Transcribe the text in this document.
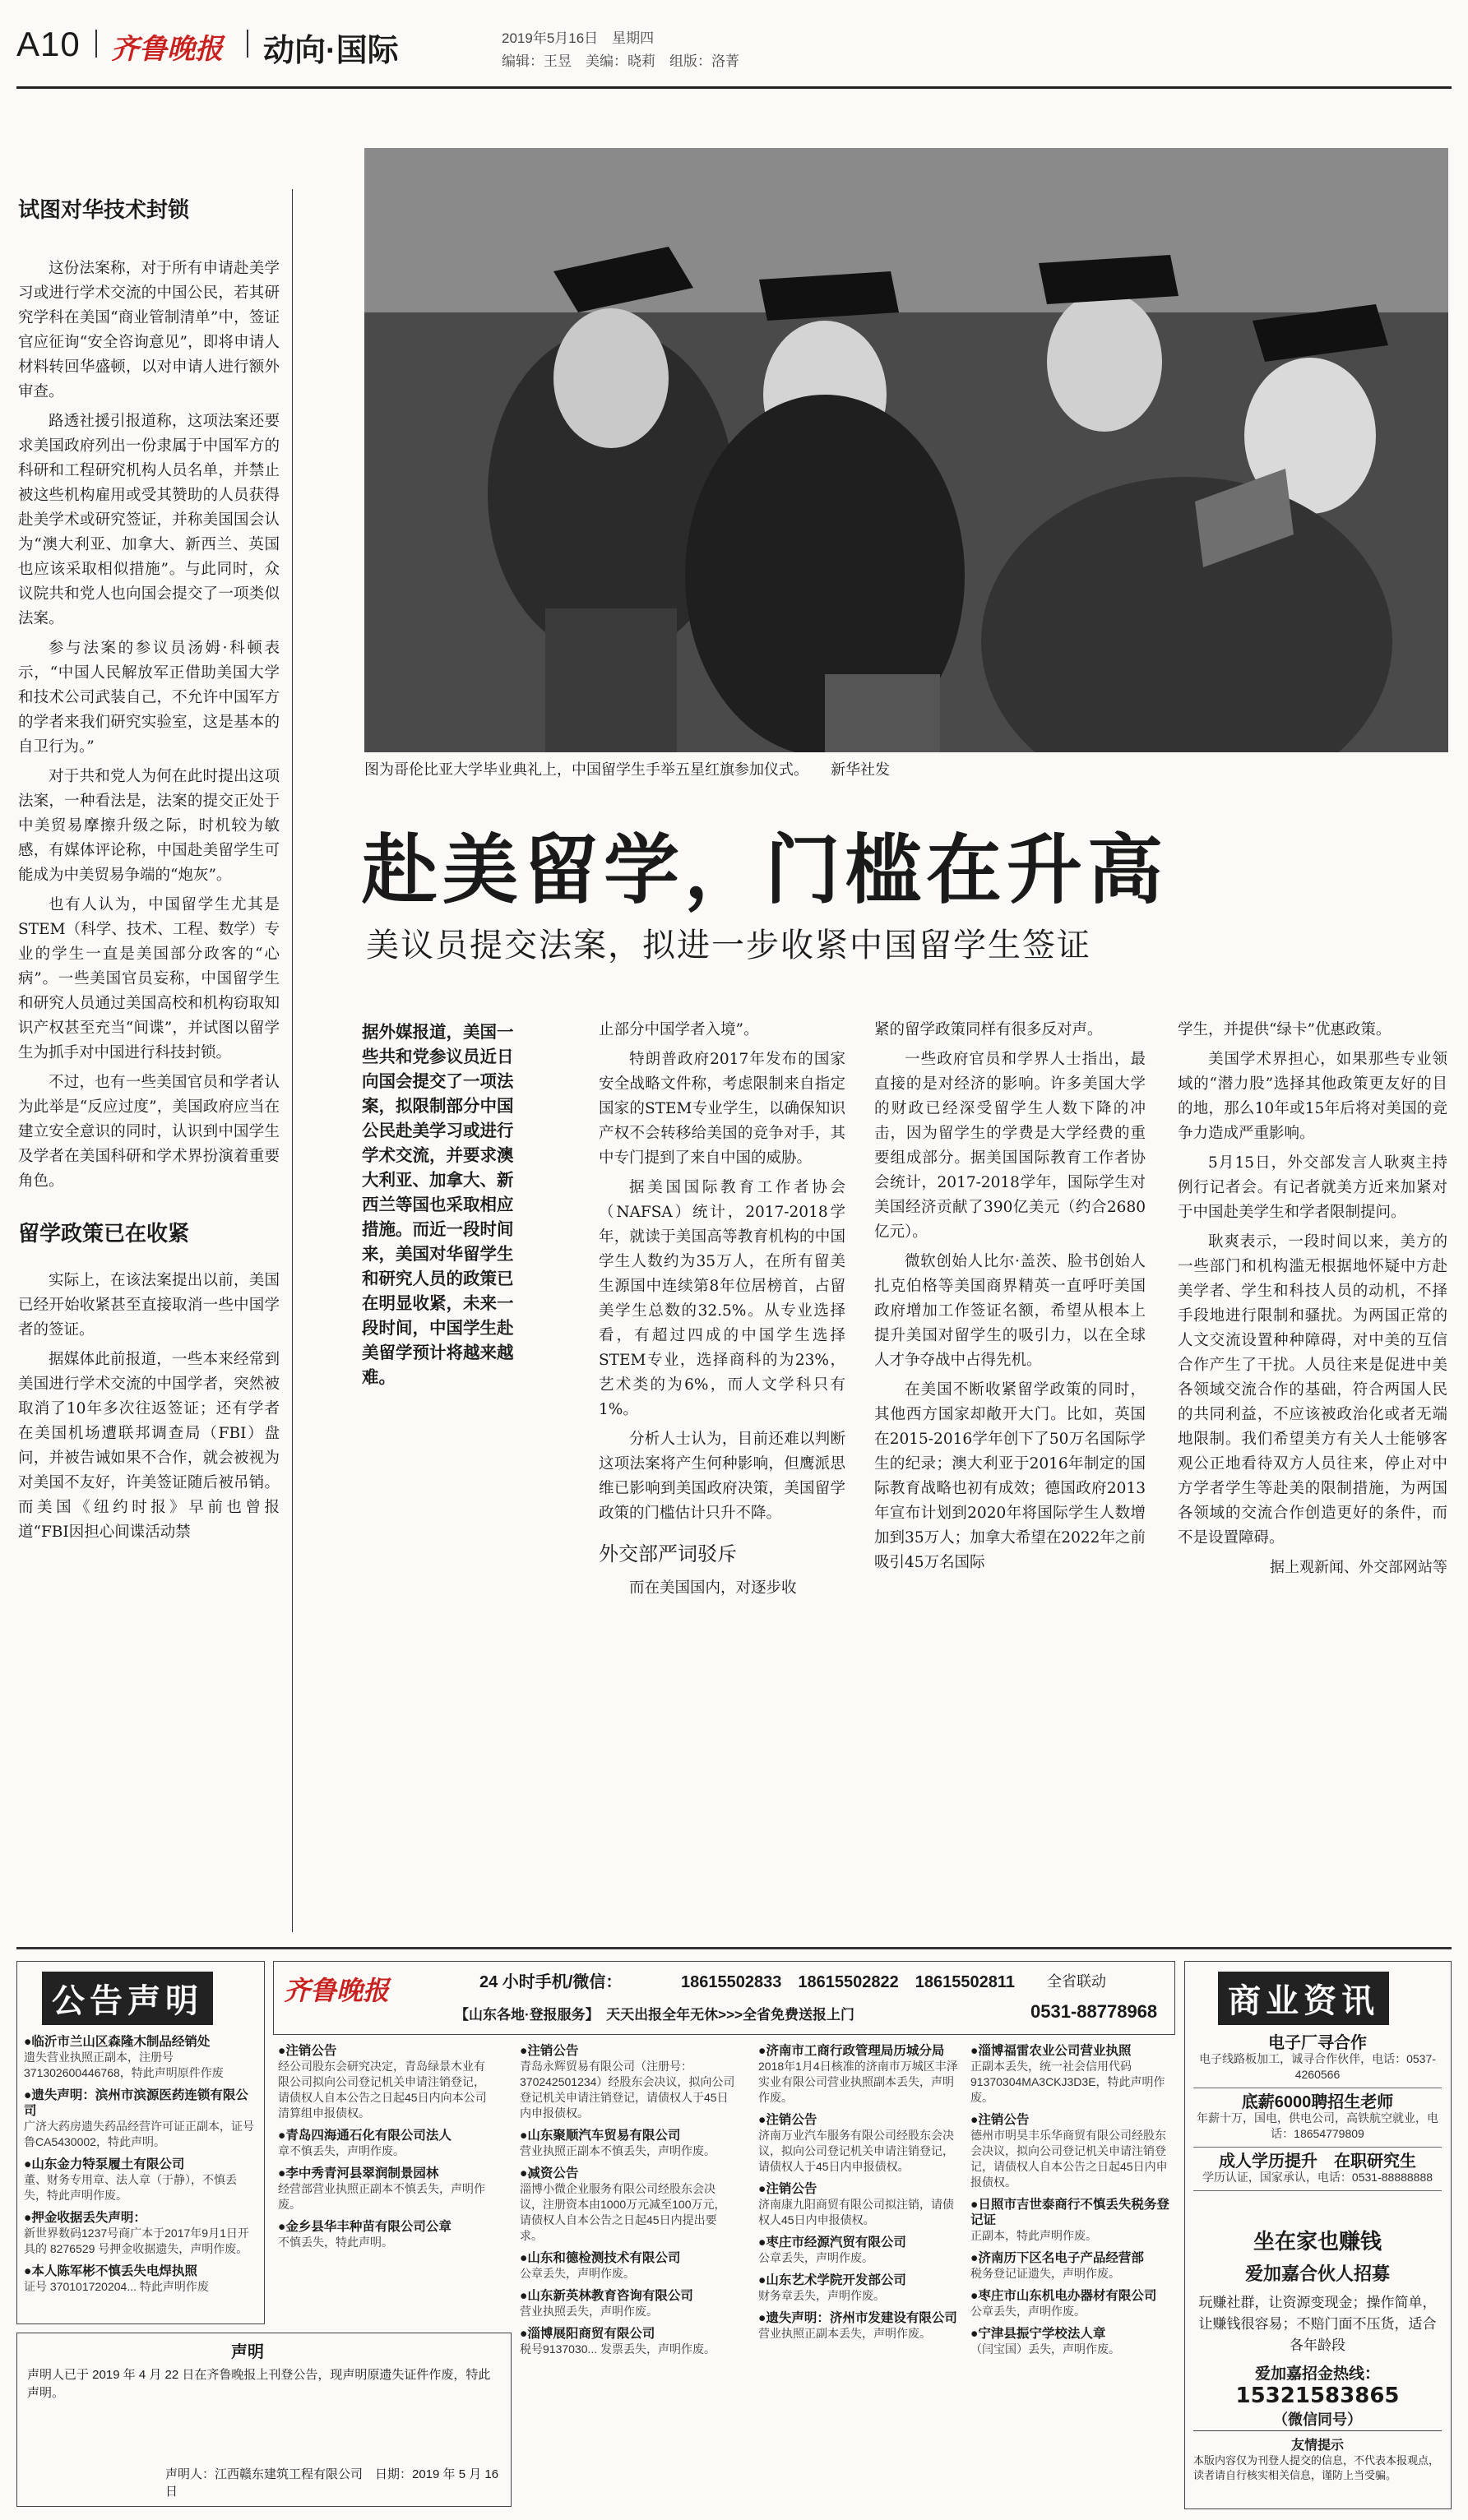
A10 齐鲁晚报 动向·国际	2019年5月16日　星期四
编辑：王昱　美编：晓莉　组版：洛菁
试图对华技术封锁

这份法案称，对于所有申请赴美学习或进行学术交流的中国公民，若其研究学科在美国“商业管制清单”中，签证官应征询“安全咨询意见”，即将申请人材料转回华盛顿，以对申请人进行额外审查。

路透社援引报道称，这项法案还要求美国政府列出一份隶属于中国军方的科研和工程研究机构人员名单，并禁止被这些机构雇用或受其赞助的人员获得赴美学术或研究签证，并称美国国会认为“澳大利亚、加拿大、新西兰、英国也应该采取相似措施”。与此同时，众议院共和党人也向国会提交了一项类似法案。

参与法案的参议员汤姆·科顿表示，“中国人民解放军正借助美国大学和技术公司武装自己，不允许中国军方的学者来我们研究实验室，这是基本的自卫行为。”

对于共和党人为何在此时提出这项法案，一种看法是，法案的提交正处于中美贸易摩擦升级之际，时机较为敏感，有媒体评论称，中国赴美留学生可能成为中美贸易争端的“炮灰”。

也有人认为，中国留学生尤其是STEM（科学、技术、工程、数学）专业的学生一直是美国部分政客的“心病”。一些美国官员妄称，中国留学生和研究人员通过美国高校和机构窃取知识产权甚至充当“间谍”，并试图以留学生为抓手对中国进行科技封锁。

不过，也有一些美国官员和学者认为此举是“反应过度”，美国政府应当在建立安全意识的同时，认识到中国学生及学者在美国科研和学术界扮演着重要角色。

留学政策已在收紧

实际上，在该法案提出以前，美国已经开始收紧甚至直接取消一些中国学者的签证。

据媒体此前报道，一些本来经常到美国进行学术交流的中国学者，突然被取消了10年多次往返签证；还有学者在美国机场遭联邦调查局（FBI）盘问，并被告诫如果不合作，就会被视为对美国不友好，许美签证随后被吊销。而美国《纽约时报》早前也曾报道“FBI因担心间谍活动禁

图为哥伦比亚大学毕业典礼上，中国留学生手举五星红旗参加仪式。　　新华社发
赴美留学，门槛在升高
美议员提交法案，拟进一步收紧中国留学生签证

据外媒报道，美国一些共和党参议员近日向国会提交了一项法案，拟限制部分中国公民赴美学习或进行学术交流，并要求澳大利亚、加拿大、新西兰等国也采取相应措施。而近一段时间来，美国对华留学生和研究人员的政策已在明显收紧，未来一段时间，中国学生赴美留学预计将越来越难。

止部分中国学者入境”。

特朗普政府2017年发布的国家安全战略文件称，考虑限制来自指定国家的STEM专业学生，以确保知识产权不会转移给美国的竞争对手，其中专门提到了来自中国的威胁。

据美国国际教育工作者协会（NAFSA）统计，2017-2018学年，就读于美国高等教育机构的中国学生人数约为35万人，在所有留美生源国中连续第8年位居榜首，占留美学生总数的32.5%。从专业选择看，有超过四成的中国学生选择STEM专业，选择商科的为23%，艺术类的为6%，而人文学科只有1%。

分析人士认为，目前还难以判断这项法案将产生何种影响，但鹰派思维已影响到美国政府决策，美国留学政策的门槛估计只升不降。

外交部严词驳斥

而在美国国内，对逐步收

紧的留学政策同样有很多反对声。

一些政府官员和学界人士指出，最直接的是对经济的影响。许多美国大学的财政已经深受留学生人数下降的冲击，因为留学生的学费是大学经费的重要组成部分。据美国国际教育工作者协会统计，2017-2018学年，国际学生对美国经济贡献了390亿美元（约合2680亿元）。

微软创始人比尔·盖茨、脸书创始人扎克伯格等美国商界精英一直呼吁美国政府增加工作签证名额，希望从根本上提升美国对留学生的吸引力，以在全球人才争夺战中占得先机。

在美国不断收紧留学政策的同时，其他西方国家却敞开大门。比如，英国在2015-2016学年创下了50万名国际学生的纪录；澳大利亚于2016年制定的国际教育战略也初有成效；德国政府2013年宣布计划到2020年将国际学生人数增加到35万人；加拿大希望在2022年之前吸引45万名国际

学生，并提供“绿卡”优惠政策。

美国学术界担心，如果那些专业领域的“潜力股”选择其他政策更友好的目的地，那么10年或15年后将对美国的竞争力造成严重影响。

5月15日，外交部发言人耿爽主持例行记者会。有记者就美方近来加紧对于中国赴美学生和学者限制提问。

耿爽表示，一段时间以来，美方的一些部门和机构滥无根据地怀疑中方赴美学者、学生和科技人员的动机，不择手段地进行限制和骚扰。为两国正常的人文交流设置种种障碍，对中美的互信合作产生了干扰。人员往来是促进中美各领域交流合作的基础，符合两国人民的共同利益，不应该被政治化或者无端地限制。我们希望美方有关人士能够客观公正地看待双方人员往来，停止对中方学者学生等赴美的限制措施，为两国各领域的交流合作创造更好的条件，而不是设置障碍。

据上观新闻、外交部网站等
公告声明
●临沂市兰山区森隆木制品经销处
遗失营业执照正副本，注册号 371302600446768，特此声明原件作废
●遗失声明：滨州市滨源医药连锁有限公司
广济大药房遗失药品经营许可证正副本，证号鲁CA5430002，特此声明。
●山东金力特泵履土有限公司
董、财务专用章、法人章（于静），不慎丢失，特此声明作废。
●押金收据丢失声明：
新世界数码1237号商广本于2017年9月1日开具的 8276529 号押金收据遗失，声明作废。
●本人陈军彬不慎丢失电焊执照
证号 370101720204... 特此声明作废
声明
声明人已于 2019 年 4 月 22 日在齐鲁晚报上刊登公告，现声明原遗失证件作废，特此声明。
声明人：江西赣东建筑工程有限公司　日期：2019 年 5 月 16 日
齐鲁晚报	24 小时手机/微信：	18615502833　18615502822　18615502811
【山东各地·登报服务】　天天出报全年无休>>>全省免费送报上门
全省联动
0531-88778968
●注销公告
经公司股东会研究决定，青岛绿景木业有限公司拟向公司登记机关申请注销登记，请债权人自本公告之日起45日内向本公司清算组申报债权。
●青岛四海通石化有限公司法人
章不慎丢失，声明作废。
●李中秀青河县翠润制景园林
经营部营业执照正副本不慎丢失，声明作废。
●金乡县华丰种苗有限公司公章
不慎丢失，特此声明。
●注销公告
青岛永辉贸易有限公司（注册号：370242501234）经股东会决议，拟向公司登记机关申请注销登记，请债权人于45日内申报债权。
●山东聚顺汽车贸易有限公司
营业执照正副本不慎丢失，声明作废。
●减资公告
淄博小微企业服务有限公司经股东会决议，注册资本由1000万元减至100万元，请债权人自本公告之日起45日内提出要求。
●山东和德检测技术有限公司
公章丢失，声明作废。
●山东新英林教育咨询有限公司
营业执照丢失，声明作废。
●淄博展阳商贸有限公司
税号9137030... 发票丢失，声明作废。
●济南市工商行政管理局历城分局
2018年1月4日核准的济南市万城区丰泽实业有限公司营业执照副本丢失，声明作废。
●注销公告
济南万业汽车服务有限公司经股东会决议，拟向公司登记机关申请注销登记，请债权人于45日内申报债权。
●注销公告
济南康九阳商贸有限公司拟注销，请债权人45日内申报债权。
●枣庄市经源汽贸有限公司
公章丢失，声明作废。
●山东艺术学院开发部公司
财务章丢失，声明作废。
●遗失声明：济州市发建设有限公司
营业执照正副本丢失，声明作废。
●淄博福雷农业公司营业执照
正副本丢失，统一社会信用代码91370304MA3CKJ3D3E，特此声明作废。
●注销公告
德州市明昊丰乐华商贸有限公司经股东会决议，拟向公司登记机关申请注销登记，请债权人自本公告之日起45日内申报债权。
●日照市吉世泰商行不慎丢失税务登记证
正副本，特此声明作废。
●济南历下区名电子产品经营部
税务登记证遗失，声明作废。
●枣庄市山东机电办器材有限公司
公章丢失，声明作废。
●宁津县振宁学校法人章
（闫宝国）丢失，声明作废。
商业资讯
电子厂寻合作
电子线路板加工，诚寻合作伙伴，电话：0537-4260566
底薪6000聘招生老师
年薪十万，国电，供电公司，高铁航空就业，电话：18654779809
成人学历提升　在职研究生
学历认证，国家承认，电话：0531-88888888
坐在家也赚钱
爱加嘉合伙人招募
玩赚社群，让资源变现金；操作简单，让赚钱很容易；不赔门面不压货，适合各年龄段
爱加嘉招金热线：
15321583865
（微信同号）
友情提示
本版内容仅为刊登人提交的信息，不代表本报观点，读者请自行核实相关信息，谨防上当受骗。
